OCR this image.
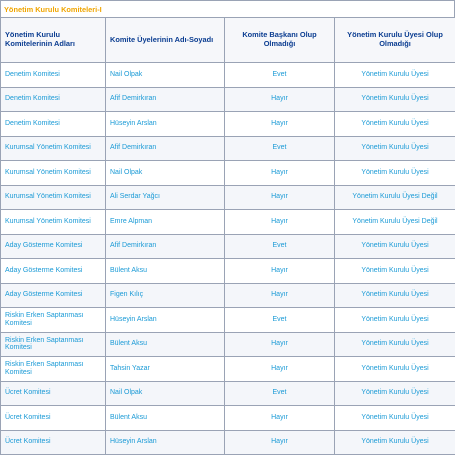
Yönetim Kurulu Komiteleri-I
Yönetim Kurulu Komitelerinin Adları	Komite Üyelerinin Adı-Soyadı	Komite Başkanı Olup Olmadığı	Yönetim Kurulu Üyesi Olup Olmadığı
Denetim Komitesi	Nail Olpak	Evet	Yönetim Kurulu Üyesi
Denetim Komitesi	Afif Demirkıran	Hayır	Yönetim Kurulu Üyesi
Denetim Komitesi	Hüseyin Arslan	Hayır	Yönetim Kurulu Üyesi
Kurumsal Yönetim Komitesi	Afif Demirkıran	Evet	Yönetim Kurulu Üyesi
Kurumsal Yönetim Komitesi	Nail Olpak	Hayır	Yönetim Kurulu Üyesi
Kurumsal Yönetim Komitesi	Ali Serdar Yağcı	Hayır	Yönetim Kurulu Üyesi Değil
Kurumsal Yönetim Komitesi	Emre Alpman	Hayır	Yönetim Kurulu Üyesi Değil
Aday Gösterme Komitesi	Afif Demirkıran	Evet	Yönetim Kurulu Üyesi
Aday Gösterme Komitesi	Bülent Aksu	Hayır	Yönetim Kurulu Üyesi
Aday Gösterme Komitesi	Figen Kılıç	Hayır	Yönetim Kurulu Üyesi
Riskin Erken Saptanması Komitesi	Hüseyin Arslan	Evet	Yönetim Kurulu Üyesi
Riskin Erken Saptanması Komitesi	Bülent Aksu	Hayır	Yönetim Kurulu Üyesi
Riskin Erken Saptanması Komitesi	Tahsin Yazar	Hayır	Yönetim Kurulu Üyesi
Ücret Komitesi	Nail Olpak	Evet	Yönetim Kurulu Üyesi
Ücret Komitesi	Bülent Aksu	Hayır	Yönetim Kurulu Üyesi
Ücret Komitesi	Hüseyin Arslan	Hayır	Yönetim Kurulu Üyesi
